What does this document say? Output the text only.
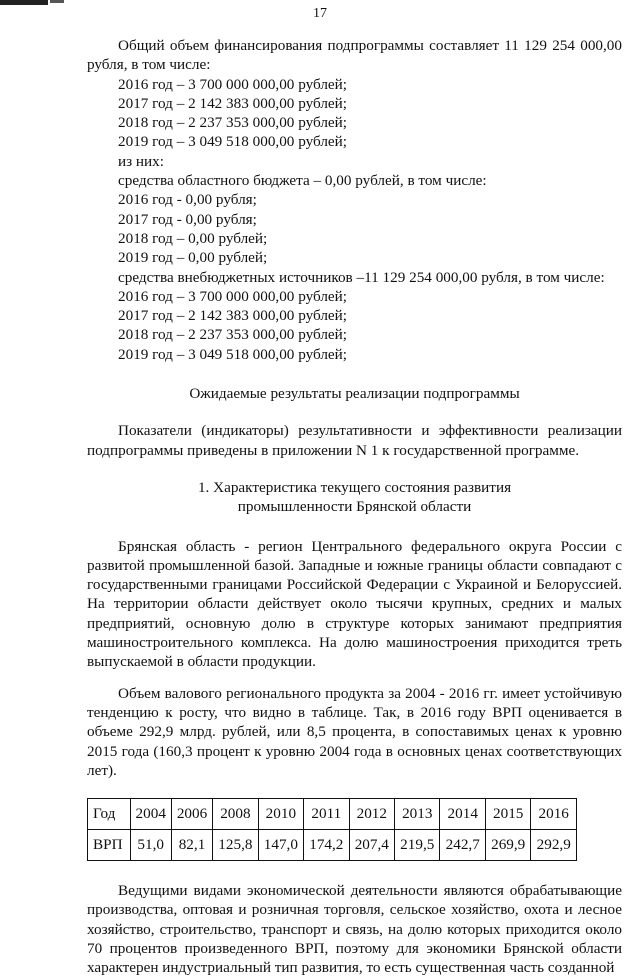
17

Общий объем финансирования подпрограммы составляет 11 129 254 000,00

рубля, в том числе:

2016 год – 3 700 000 000,00 рублей;

2017 год – 2 142 383 000,00 рублей;

2018 год – 2 237 353 000,00 рублей;

2019 год – 3 049 518 000,00 рублей;

из них:

средства областного бюджета – 0,00 рублей, в том числе:

2016 год - 0,00 рубля;

2017 год - 0,00 рубля;

2018 год – 0,00 рублей;

2019 год – 0,00 рублей;

средства внебюджетных источников –11 129 254 000,00 рубля, в том числе:

2016 год – 3 700 000 000,00 рублей;

2017 год – 2 142 383 000,00 рублей;

2018 год – 2 237 353 000,00 рублей;

2019 год – 3 049 518 000,00 рублей;

Ожидаемые результаты реализации подпрограммы

Показатели (индикаторы) результативности и эффективности реализации подпрограммы приведены в приложении N 1 к государственной программе.

1. Характеристика текущего состояния развития

промышленности Брянской области

Брянская область - регион Центрального федерального округа России с развитой промышленной базой. Западные и южные границы области совпадают с государственными границами Российской Федерации с Украиной и Белоруссией. На территории области действует около тысячи крупных, средних и малых предприятий, основную долю в структуре которых занимают предприятия машиностроительного комплекса. На долю машиностроения приходится треть выпускаемой в области продукции.

Объем валового регионального продукта за 2004 - 2016 гг. имеет устойчивую тенденцию к росту, что видно в таблице. Так, в 2016 году ВРП оценивается в объеме 292,9 млрд. рублей, или 8,5 процента, в сопоставимых ценах к уровню 2015 года (160,3 процент к уровню 2004 года в основных ценах соответствующих лет).

Год	2004	2006	2008	2010	2011	2012	2013	2014	2015	2016
ВРП	51,0	82,1	125,8	147,0	174,2	207,4	219,5	242,7	269,9	292,9

Ведущими видами экономической деятельности являются обрабатывающие производства, оптовая и розничная торговля, сельское хозяйство, охота и лесное хозяйство, строительство, транспорт и связь, на долю которых приходится около 70 процентов произведенного ВРП, поэтому для экономики Брянской области характерен индустриальный тип развития, то есть существенная часть созданной
